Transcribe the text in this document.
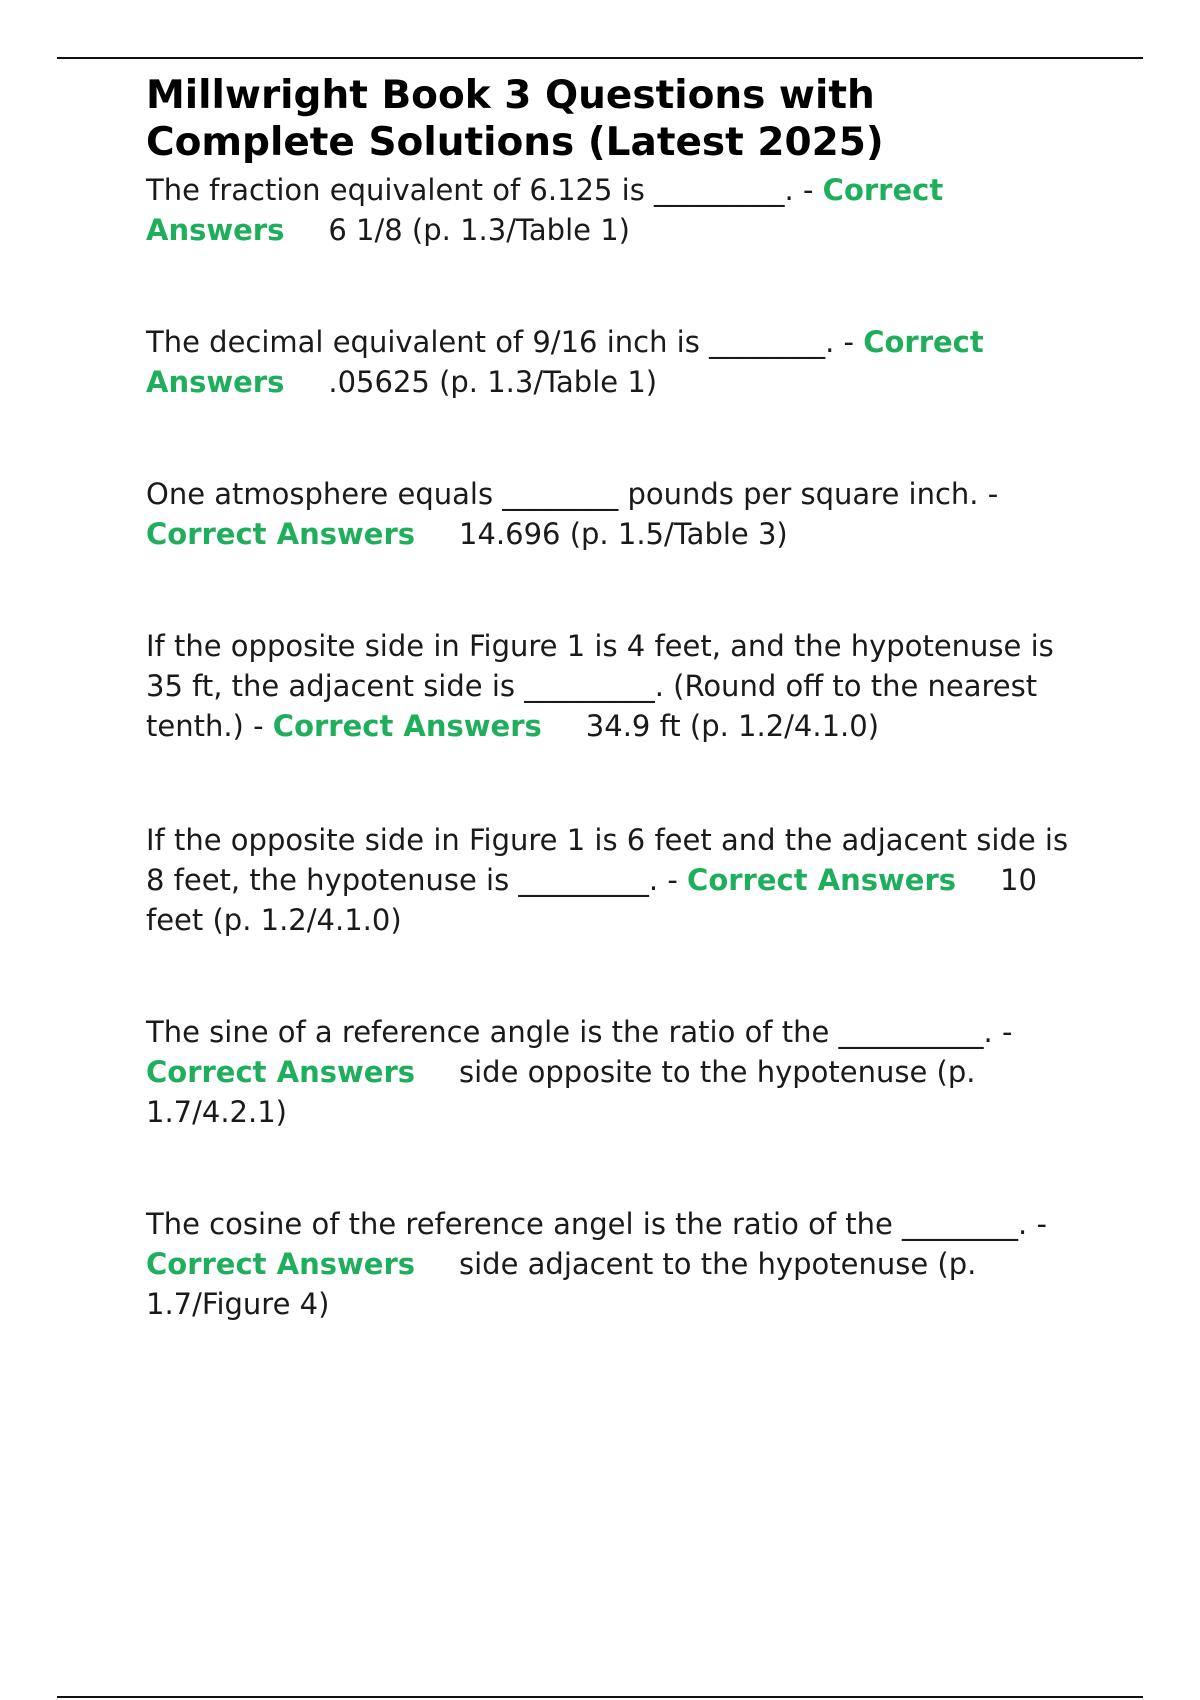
Millwright Book 3 Questions with Complete Solutions (Latest 2025)

The fraction equivalent of 6.125 is _________. - Correct Answers 6 1/8 (p. 1.3/Table 1)

The decimal equivalent of 9/16 inch is ________. - Correct Answers .05625 (p. 1.3/Table 1)

One atmosphere equals ________ pounds per square inch. - Correct Answers 14.696 (p. 1.5/Table 3)

If the opposite side in Figure 1 is 4 feet, and the hypotenuse is 35 ft, the adjacent side is _________. (Round off to the nearest tenth.) - Correct Answers 34.9 ft (p. 1.2/4.1.0)

If the opposite side in Figure 1 is 6 feet and the adjacent side is 8 feet, the hypotenuse is _________. - Correct Answers 10 feet (p. 1.2/4.1.0)

The sine of a reference angle is the ratio of the __________. - Correct Answers side opposite to the hypotenuse (p. 1.7/4.2.1)

The cosine of the reference angel is the ratio of the ________. - Correct Answers side adjacent to the hypotenuse (p. 1.7/Figure 4)
